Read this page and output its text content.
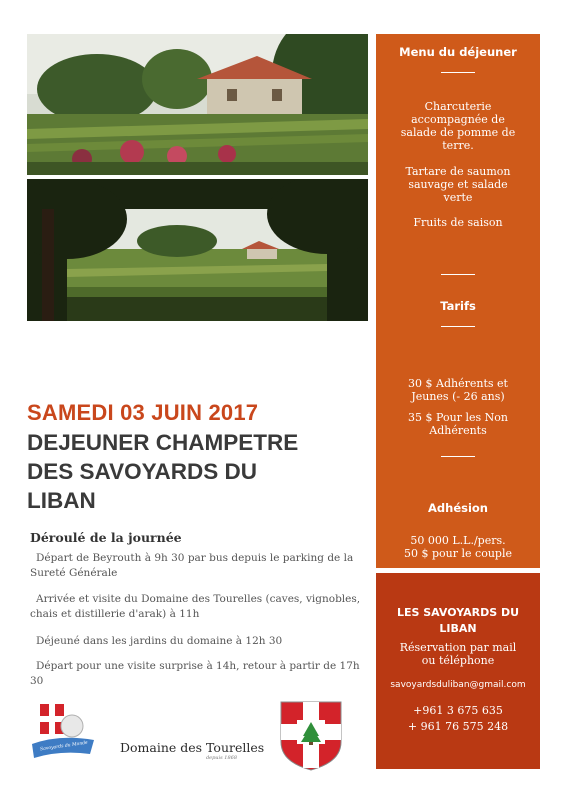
Menu du déjeuner
Charcuterie accompagnée de salade de pomme de terre.
Tartare de saumon sauvage et salade verte
Fruits de saison
Tarifs
30 $ Adhérents et Jeunes (- 26 ans)
35 $ Pour les Non Adhérents
Adhésion
50 000 L.L./pers.
50 $ pour le couple
LES SAVOYARDS DU
LIBAN
Réservation par mail ou téléphone
savoyardsduliban@gmail.com
+961 3 675 635
+ 961 76 575 248
SAMEDI 03 JUIN 2017
DEJEUNER CHAMPETRE
DES SAVOYARDS DU
LIBAN
Déroulé de la journée
Départ de Beyrouth à 9h 30 par bus depuis le parking de la Sureté Générale
Arrivée et visite du Domaine des Tourelles (caves, vignobles, chais et distillerie d'arak) à 11h
Déjeuné dans les jardins du domaine à 12h 30
Départ pour une visite surprise à 14h, retour à partir de 17h 30
Savoyards du Monde	Domaine des Tourelles
depuis 1868
